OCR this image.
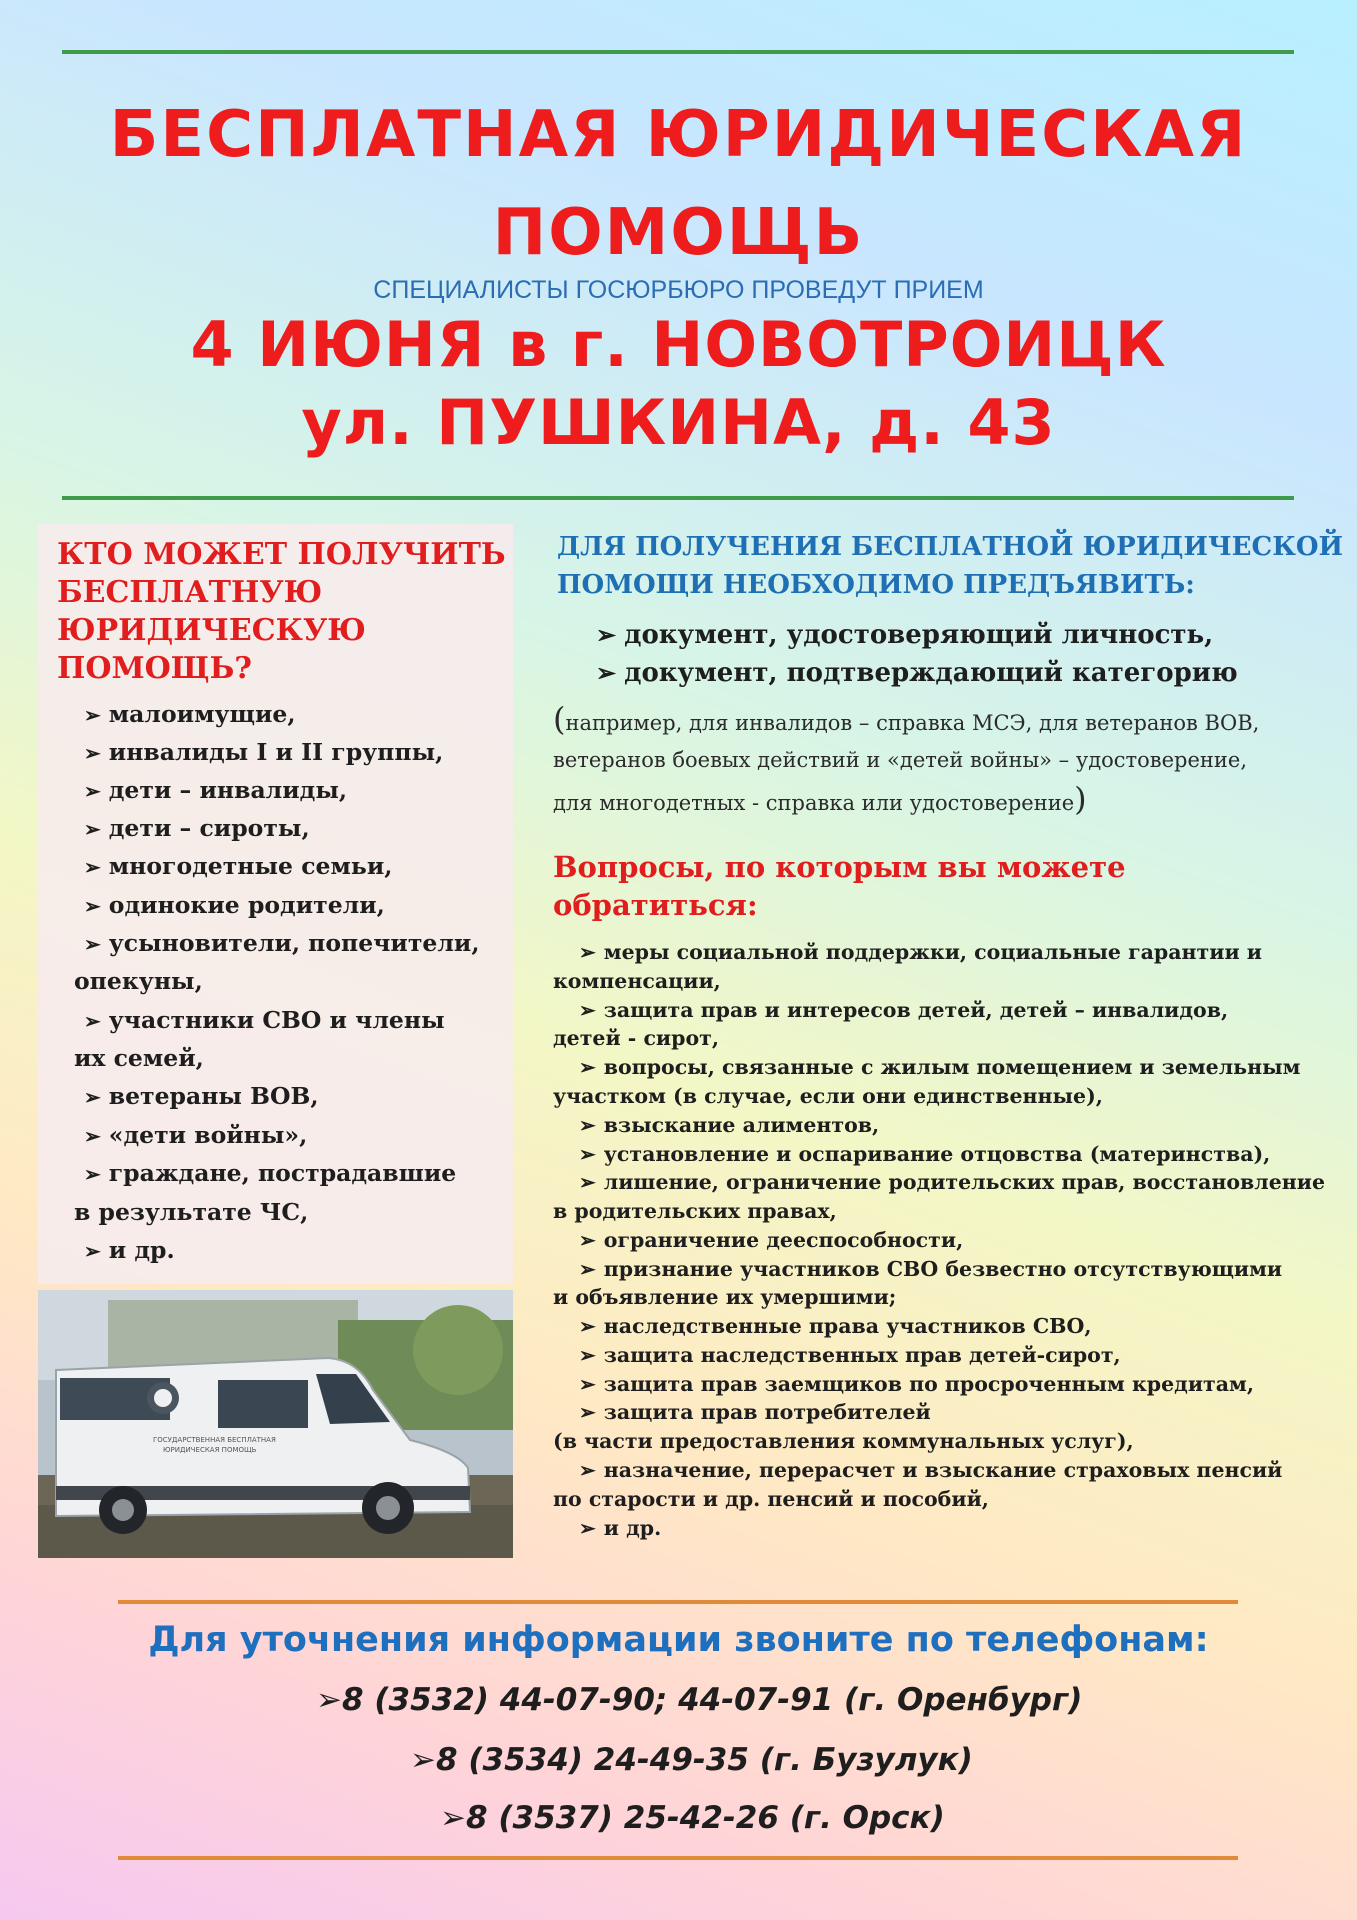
БЕСПЛАТНАЯ ЮРИДИЧЕСКАЯ
ПОМОЩЬ
СПЕЦИАЛИСТЫ ГОСЮРБЮРО ПРОВЕДУТ ПРИЕМ
4 ИЮНЯ в г. НОВОТРОИЦК
ул. ПУШКИНА, д. 43
КТО МОЖЕТ ПОЛУЧИТЬ БЕСПЛАТНУЮ ЮРИДИЧЕСКУЮ ПОМОЩЬ?
➢ малоимущие,
➢ инвалиды I и II группы,
➢ дети – инвалиды,
➢ дети – сироты,
➢ многодетные семьи,
➢ одинокие родители,
➢ усыновители, попечители,
опекуны,
➢ участники СВО и члены
их семей,
➢ ветераны ВОВ,
➢ «дети войны»,
➢ граждане, пострадавшие
в результате ЧС,
➢ и др.
ГОСУДАРСТВЕННАЯ БЕСПЛАТНАЯ
ЮРИДИЧЕСКАЯ ПОМОЩЬ
ДЛЯ ПОЛУЧЕНИЯ БЕСПЛАТНОЙ ЮРИДИЧЕСКОЙ
ПОМОЩИ НЕОБХОДИМО ПРЕДЪЯВИТЬ:
➢ документ, удостоверяющий личность,
➢ документ, подтверждающий категорию
(например, для инвалидов – справка МСЭ, для ветеранов ВОВ,
ветеранов боевых действий и «детей войны» – удостоверение,
для многодетных - справка или удостоверение)
Вопросы, по которым вы можете обратиться:
➢ меры социальной поддержки, социальные гарантии и
компенсации,
➢ защита прав и интересов детей, детей – инвалидов,
детей - сирот,
➢ вопросы, связанные с жилым помещением и земельным
участком (в случае, если они единственные),
➢ взыскание алиментов,
➢ установление и оспаривание отцовства (материнства),
➢ лишение, ограничение родительских прав, восстановление
в родительских правах,
➢ ограничение дееспособности,
➢ признание участников СВО безвестно отсутствующими
и объявление их умершими;
➢ наследственные права участников СВО,
➢ защита наследственных прав детей-сирот,
➢ защита прав заемщиков по просроченным кредитам,
➢ защита прав потребителей
(в части предоставления коммунальных услуг),
➢ назначение, перерасчет и взыскание страховых пенсий
по старости и др. пенсий и пособий,
➢ и др.
Для уточнения информации звоните по телефонам:
➢8 (3532) 44-07-90; 44-07-91 (г. Оренбург)
➢8 (3534) 24-49-35 (г. Бузулук)
➢8 (3537) 25-42-26 (г. Орск)
